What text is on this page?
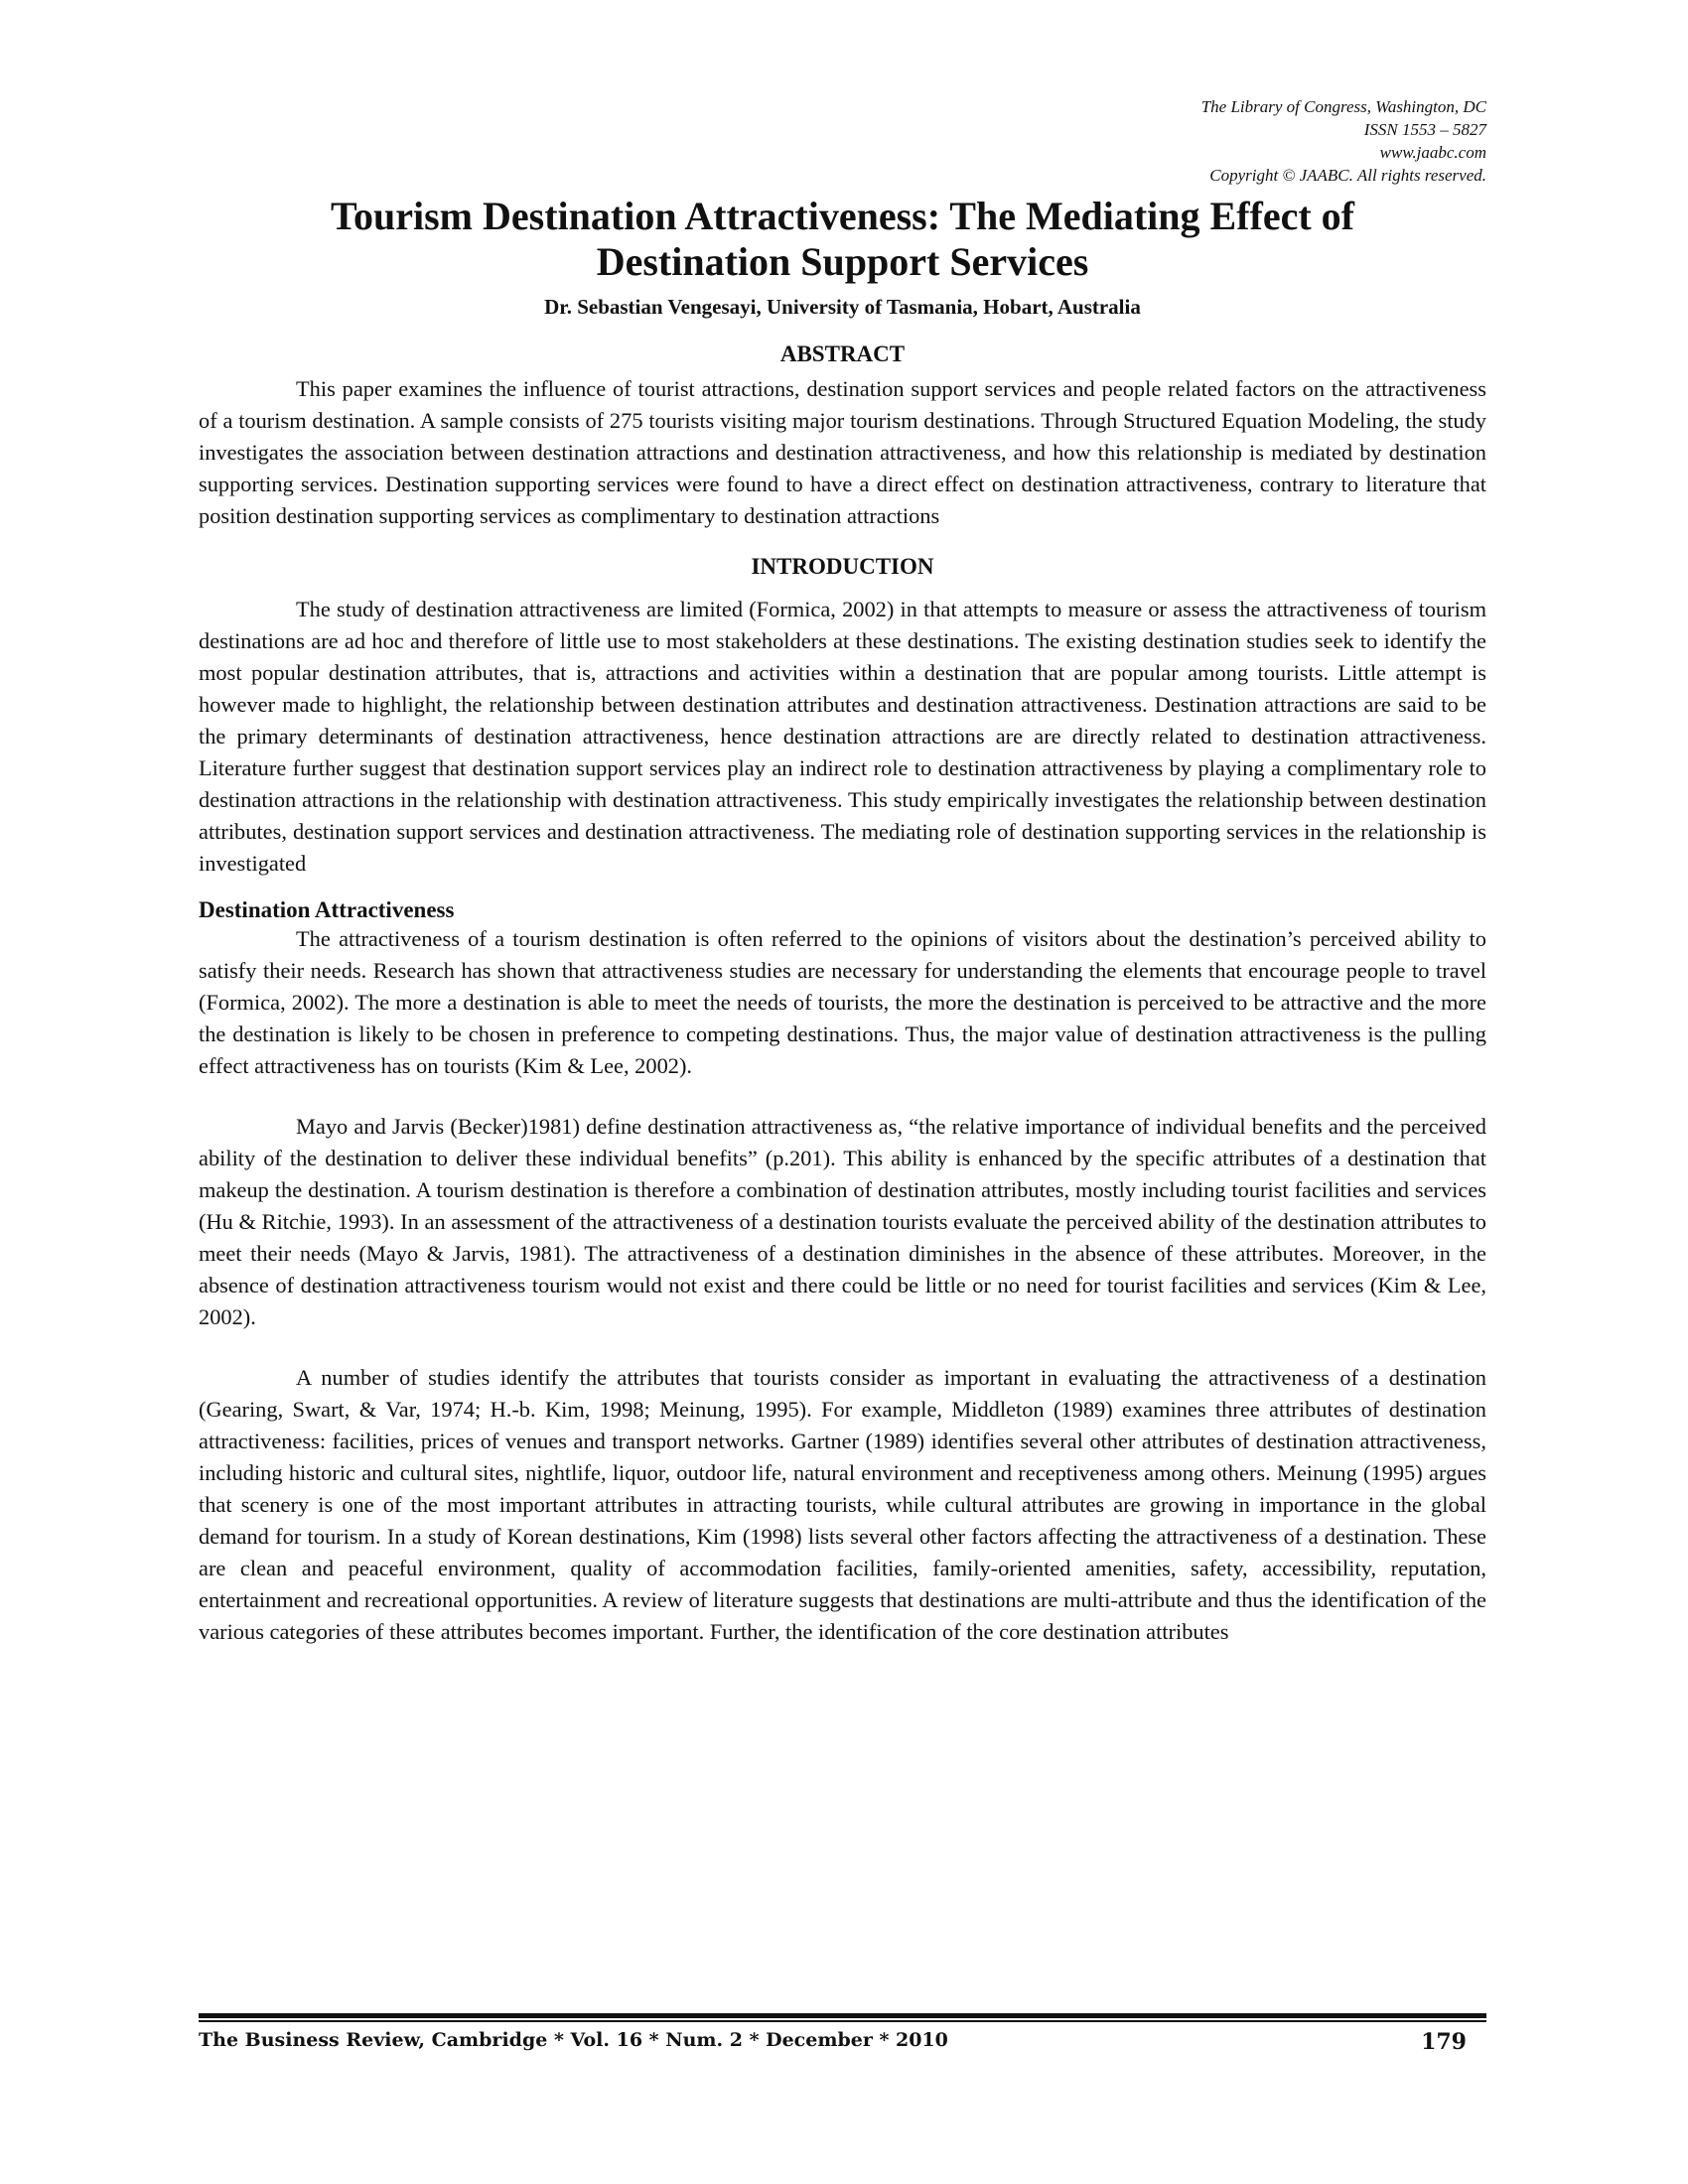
The Library of Congress, Washington, DC
ISSN 1553 – 5827
www.jaabc.com
Copyright © JAABC. All rights reserved.
Tourism Destination Attractiveness: The Mediating Effect of
Destination Support Services
Dr. Sebastian Vengesayi, University of Tasmania, Hobart, Australia
ABSTRACT

This paper examines the influence of tourist attractions, destination support services and people related factors on the attractiveness of a tourism destination. A sample consists of 275 tourists visiting major tourism destinations. Through Structured Equation Modeling, the study investigates the association between destination attractions and destination attractiveness, and how this relationship is mediated by destination supporting services. Destination supporting services were found to have a direct effect on destination attractiveness, contrary to literature that position destination supporting services as complimentary to destination attractions

INTRODUCTION

The study of destination attractiveness are limited (Formica, 2002) in that attempts to measure or assess the attractiveness of tourism destinations are ad hoc and therefore of little use to most stakeholders at these destinations. The existing destination studies seek to identify the most popular destination attributes, that is, attractions and activities within a destination that are popular among tourists. Little attempt is however made to highlight, the relationship between destination attributes and destination attractiveness. Destination attractions are said to be the primary determinants of destination attractiveness, hence destination attractions are are directly related to destination attractiveness. Literature further suggest that destination support services play an indirect role to destination attractiveness by playing a complimentary role to destination attractions in the relationship with destination attractiveness. This study empirically investigates the relationship between destination attributes, destination support services and destination attractiveness. The mediating role of destination supporting services in the relationship is investigated

Destination Attractiveness

The attractiveness of a tourism destination is often referred to the opinions of visitors about the destination’s perceived ability to satisfy their needs. Research has shown that attractiveness studies are necessary for understanding the elements that encourage people to travel (Formica, 2002). The more a destination is able to meet the needs of tourists, the more the destination is perceived to be attractive and the more the destination is likely to be chosen in preference to competing destinations. Thus, the major value of destination attractiveness is the pulling effect attractiveness has on tourists (Kim & Lee, 2002).

Mayo and Jarvis (Becker)1981) define destination attractiveness as, “the relative importance of individual benefits and the perceived ability of the destination to deliver these individual benefits” (p.201). This ability is enhanced by the specific attributes of a destination that makeup the destination. A tourism destination is therefore a combination of destination attributes, mostly including tourist facilities and services (Hu & Ritchie, 1993). In an assessment of the attractiveness of a destination tourists evaluate the perceived ability of the destination attributes to meet their needs (Mayo & Jarvis, 1981). The attractiveness of a destination diminishes in the absence of these attributes. Moreover, in the absence of destination attractiveness tourism would not exist and there could be little or no need for tourist facilities and services (Kim & Lee, 2002).

A number of studies identify the attributes that tourists consider as important in evaluating the attractiveness of a destination (Gearing, Swart, & Var, 1974; H.-b. Kim, 1998; Meinung, 1995). For example, Middleton (1989) examines three attributes of destination attractiveness: facilities, prices of venues and transport networks. Gartner (1989) identifies several other attributes of destination attractiveness, including historic and cultural sites, nightlife, liquor, outdoor life, natural environment and receptiveness among others. Meinung (1995) argues that scenery is one of the most important attributes in attracting tourists, while cultural attributes are growing in importance in the global demand for tourism. In a study of Korean destinations, Kim (1998) lists several other factors affecting the attractiveness of a destination. These are clean and peaceful environment, quality of accommodation facilities, family-oriented amenities, safety, accessibility, reputation, entertainment and recreational opportunities. A review of literature suggests that destinations are multi-attribute and thus the identification of the various categories of these attributes becomes important. Further, the identification of the core destination attributes

The Business Review, Cambridge * Vol. 16 * Num. 2 * December * 2010	179
